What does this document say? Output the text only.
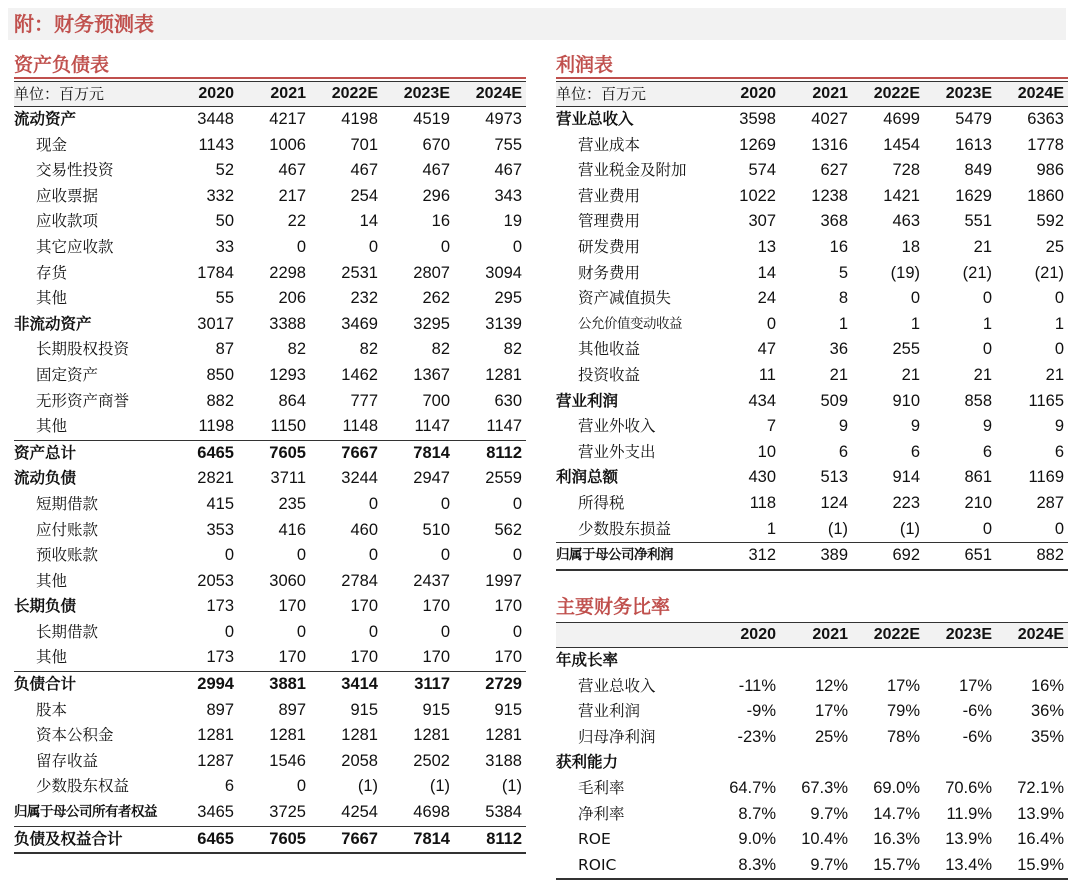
附：财务预测表
资产负债表
单位：百万元	2020	2021	2022E	2023E	2024E
流动资产	3448	4217	4198	4519	4973
现金	1143	1006	701	670	755
交易性投资	52	467	467	467	467
应收票据	332	217	254	296	343
应收款项	50	22	14	16	19
其它应收款	33	0	0	0	0
存货	1784	2298	2531	2807	3094
其他	55	206	232	262	295
非流动资产	3017	3388	3469	3295	3139
长期股权投资	87	82	82	82	82
固定资产	850	1293	1462	1367	1281
无形资产商誉	882	864	777	700	630
其他	1198	1150	1148	1147	1147
资产总计	6465	7605	7667	7814	8112
流动负债	2821	3711	3244	2947	2559
短期借款	415	235	0	0	0
应付账款	353	416	460	510	562
预收账款	0	0	0	0	0
其他	2053	3060	2784	2437	1997
长期负债	173	170	170	170	170
长期借款	0	0	0	0	0
其他	173	170	170	170	170
负债合计	2994	3881	3414	3117	2729
股本	897	897	915	915	915
资本公积金	1281	1281	1281	1281	1281
留存收益	1287	1546	2058	2502	3188
少数股东权益	6	0	(1)	(1)	(1)
归属于母公司所有者权益	3465	3725	4254	4698	5384
负债及权益合计	6465	7605	7667	7814	8112
利润表
单位：百万元	2020	2021	2022E	2023E	2024E
营业总收入	3598	4027	4699	5479	6363
营业成本	1269	1316	1454	1613	1778
营业税金及附加	574	627	728	849	986
营业费用	1022	1238	1421	1629	1860
管理费用	307	368	463	551	592
研发费用	13	16	18	21	25
财务费用	14	5	(19)	(21)	(21)
资产减值损失	24	8	0	0	0
公允价值变动收益	0	1	1	1	1
其他收益	47	36	255	0	0
投资收益	11	21	21	21	21
营业利润	434	509	910	858	1165
营业外收入	7	9	9	9	9
营业外支出	10	6	6	6	6
利润总额	430	513	914	861	1169
所得税	118	124	223	210	287
少数股东损益	1	(1)	(1)	0	0
归属于母公司净利润	312	389	692	651	882
主要财务比率
	2020	2021	2022E	2023E	2024E
年成长率					
营业总收入	-11%	12%	17%	17%	16%
营业利润	-9%	17%	79%	-6%	36%
归母净利润	-23%	25%	78%	-6%	35%
获利能力					
毛利率	64.7%	67.3%	69.0%	70.6%	72.1%
净利率	8.7%	9.7%	14.7%	11.9%	13.9%
ROE	9.0%	10.4%	16.3%	13.9%	16.4%
ROIC	8.3%	9.7%	15.7%	13.4%	15.9%
